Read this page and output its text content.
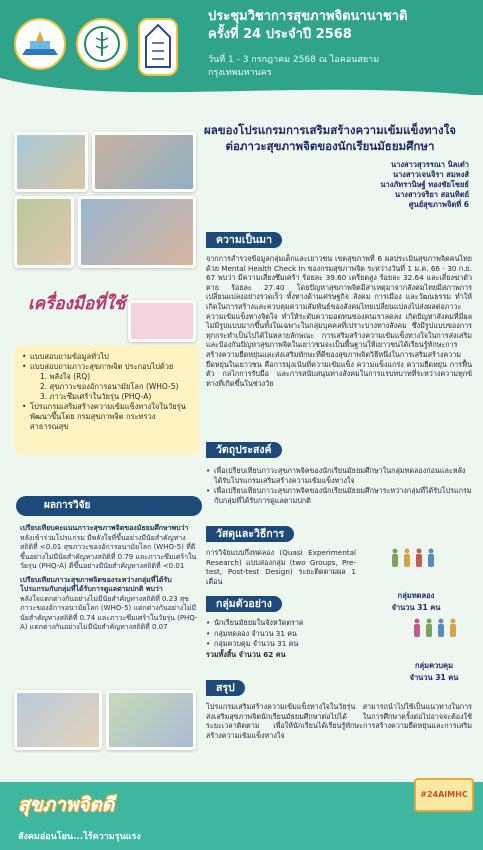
ประชุมวิชาการสุขภาพจิตนานาชาติ
ครั้งที่ 24 ประจำปี 2568
วันที่ 1 - 3 กรกฎาคม 2568 ณ ไอคอนสยาม
กรุงเทพมหานคร
ผลของโปรแกรมการเสริมสร้างความเข้มแข็งทางใจ
ต่อภาวะสุขภาพจิตของนักเรียนมัธยมศึกษา
นางสาวสุวรรณา นิลเต๋า
นางสาวเจนจิรา สมหงส์
นางภัทรานิษฐ์ ทองชัยโชยธ์
นางสาวจริยา สอนทิตย์
ศูนย์สุขภาพจิตที่ 6
เครื่องมือที่ใช้
• แบบสอบถามข้อมูลทั่วไป
• แบบสอบถามภาวะสุขภาพจิต ประกอบไปด้วย
1. พลังใจ (RQ)
2. สุขภาวะของอัการอนามัยโลก (WHO-5)
3. ภาวะซึมเศร้าในวัยรุ่น (PHQ-A)
• โปรแกรมเสริมสร้างความเข้มแข็งทางใจในวัยรุ่น พัฒนาขึ้นโดย กรมสุขภาพจิต กระทรวงสาธารณสุข
ผลการวิจัย
เปรียบเทียบคะแนนภาวะสุขภาพจิตของมัธยมศึกษาพบว่า
หลังเข้าร่วมโปรแกรม มีพลังใจที่ขึ้นอย่างมีนัยสำคัญทางสถิติที่ <0.01 สุขภาวะของอัการอนามัยโลก (WHO-5) ที่ดีขึ้นอย่างไม่มีนัยสำคัญทางสถิติที่ 0.79 และภาวะซึมเศร้าในวัยรุ่น (PHQ-A) ดีขึ้นอย่างมีนัยสำคัญทางสถิติที่ <0.01
เปรียบเทียบภาวะสุขภาพจิตของระหว่างกลุ่มที่ได้รับโปรแกรมกับกลุ่มที่ได้รับการดูแลตามปกติ พบว่า
พลังใจแตกต่างกันอย่างไม่มีนัยสำคัญทางสถิติที่ 0.23 สุขภาวะของอัการอนามัยโลก (WHO-5) แตกต่างกันอย่างไม่มีนัยสำคัญทางสถิติที่ 0.74 และภาวะซึมเศร้าในวัยรุ่น (PHQ-A) แตกต่างกันอย่างไม่มีนัยสำคัญทางสถิติที่ 0.07
ความเป็นมา
จากการสำรวจข้อมูลกลุ่มเด็กและเยาวชน เขตสุขภาพที่ 6 ผลประเมินสุขภาพจิตคนไทยด้วย Mental Health Check In ของกรมสุขภาพจิต ระหว่างวันที่ 1 ม.ค. 66 - 30 ก.ย. 67 พบว่า มีความเสี่ยงซึมเศร้า ร้อยละ 39.60 เครียดสูง ร้อยละ 32.64 และเสี่ยงฆ่าตัวตาย ร้อยละ 27.40 โดยปัญหาสุขภาพจิตมีสาเหตุมาจากสังคมไทยมีสภาพการเปลี่ยนแปลงอย่างรวดเร็ว ทั้งทางด้านเศรษฐกิจ สังคม การเมือง และวัฒนธรรม ทำให้เกิดในการสร้างและควบคุมความสัมพันธ์ของสังคมไทยเปลี่ยนแปลงไปส่งผลต่อภาวะความเข้มแข็งทางจิตใจ ทำให้ระดับความอดทนของคนเราลดลง เกิดปัญหาสังคมที่มีผลไม่มีรูปแบบมากขึ้นทั้งในเฉพาะในกลุ่มบุคคลที่เปราะบางทางสังคม ซึ่งมีรูปแบบของการทุกกระทำเป็นไปได้ในหลายลักษณะ การเสริมสร้างความเข้มแข็งทางใจในการส่งเสริมและป้องกันปัญหาสุขภาพจิตในเยาวชนจะเป็นพื้นฐานให้เยาวชนได้เรียนรู้ทักษะการสร้างความยืดหยุ่นและส่งเสริมทักษะที่ดีของสุขภาพจิตวิธีหนึ่งในการเสริมสร้างความยืดหยุ่นในเยาวชน คือการมุ่งเน้นที่ความเข้มแข็ง ความแข็งแกร่ง ความยืดหยุ่น การฟื้นตัว กลไกการรับมือ และการสนับสนุนทางสังคมในการแรบทบาทที่ระหว่างความทุกข์ทางที่เกิดขึ้นในช่วงวัย
วัตถุประสงค์
• เพื่อเปรียบเทียบภาวะสุขภาพจิตของนักเรียนมัธยมศึกษาในกลุ่มทดลองก่อนและหลังได้รับโปรแกรมเสริมสร้างความเข้มแข็งทางใจ
• เพื่อเปรียบเทียบภาวะสุขภาพจิตของนักเรียนมัธยมศึกษาระหว่างกลุ่มที่ได้รับโปรแกรมกับกลุ่มที่ได้รับการดูแลตามปกติ
วัสดุและวิธีการ
การวิจัยแบบกึ่งทดลอง (Quasi Experimental Research) แบบสองกลุ่ม (two Groups, Pre-test, Post-test Design) ระยะติดตามผล 1 เดือน
กลุ่มตัวอย่าง
• นักเรียนมัธยมในจังหวัดตราด
• กลุ่มทดลอง จำนวน 31 คน
• กลุ่มควบคุม จำนวน 31 คน
รวมทั้งสิ้น จำนวน 62 คน
กลุ่มทดลอง
จำนวน 31 คน
กลุ่มควบคุม
จำนวน 31 คน
สรุป
โปรแกรมเสริมสร้างความเข้มแข็งทางใจในวัยรุ่น สามารถนำไปใช้เป็นแนวทางในการส่งเสริมสุขภาพจิตนักเรียนมัธยมศึกษาต่อไปได้ ในการศึกษาครั้งต่อไปอาจจะต้องใช้ระยะเวลาติดตาม เพื่อให้นักเรียนได้เรียนรู้ทักษะการสร้างความยืดหยุ่นและการเสริมสร้างความเข้มแข็งทางใจ
สุขภาพจิตดี
สังคมอ่อนโยน...ไร้ความรุนแรง
#24AIMHC
